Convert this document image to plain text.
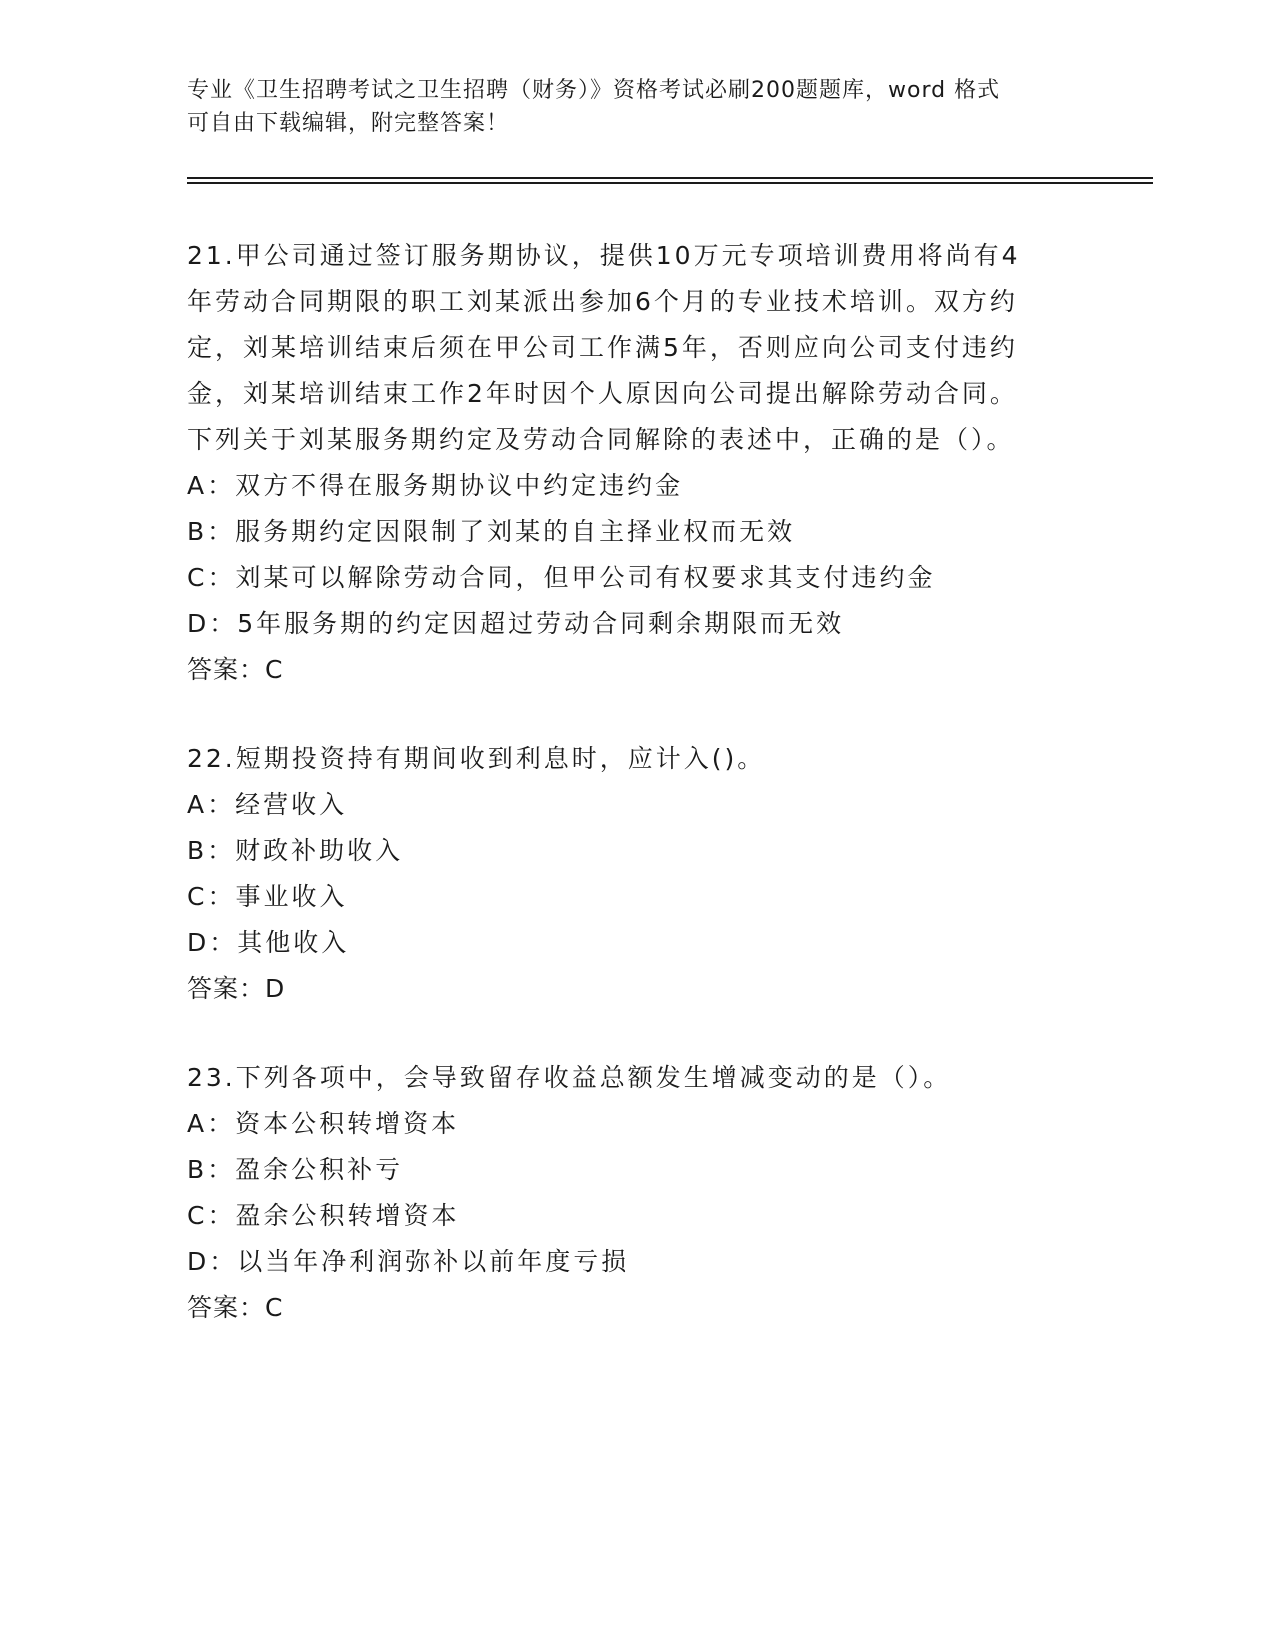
专业《卫生招聘考试之卫生招聘（财务）》资格考试必刷200题题库，word 格式
可自由下载编辑，附完整答案！
21.甲公司通过签订服务期协议，提供10万元专项培训费用将尚有4
年劳动合同期限的职工刘某派出参加6个月的专业技术培训。双方约
定，刘某培训结束后须在甲公司工作满5年，否则应向公司支付违约
金，刘某培训结束工作2年时因个人原因向公司提出解除劳动合同。
下列关于刘某服务期约定及劳动合同解除的表述中，正确的是（）。
A：双方不得在服务期协议中约定违约金
B：服务期约定因限制了刘某的自主择业权而无效
C：刘某可以解除劳动合同，但甲公司有权要求其支付违约金
D：5年服务期的约定因超过劳动合同剩余期限而无效
答案：C
22.短期投资持有期间收到利息时，应计入()。
A：经营收入
B：财政补助收入
C：事业收入
D：其他收入
答案：D
23.下列各项中，会导致留存收益总额发生增减变动的是（）。
A：资本公积转增资本
B：盈余公积补亏
C：盈余公积转增资本
D：以当年净利润弥补以前年度亏损
答案：C
